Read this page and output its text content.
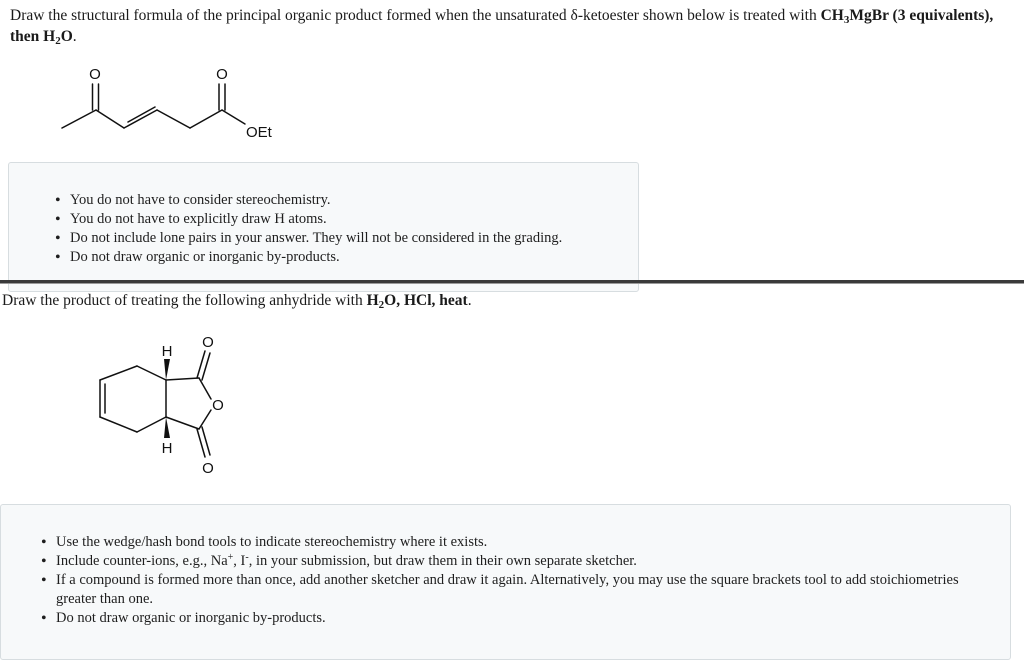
Draw the structural formula of the principal organic product formed when the unsaturated δ-ketoester shown below is treated with $CH_3MgBr$ (3 equivalents), then $H_2O$.
O	O
OEt
• You do not have to consider stereochemistry.
• You do not have to explicitly draw H atoms.
• Do not include lone pairs in your answer. They will not be considered in the grading.
• Do not draw organic or inorganic by-products.
Draw the product of treating the following anhydride with $H_2O$, HCl, heat.
H
H
O
O
O
• Use the wedge/hash bond tools to indicate stereochemistry where it exists.
• Include counter-ions, e.g., Na+, I-, in your submission, but draw them in their own separate sketcher.
• If a compound is formed more than once, add another sketcher and draw it again. Alternatively, you may use the square brackets tool to add stoichiometries greater than one.
• Do not draw organic or inorganic by-products.
